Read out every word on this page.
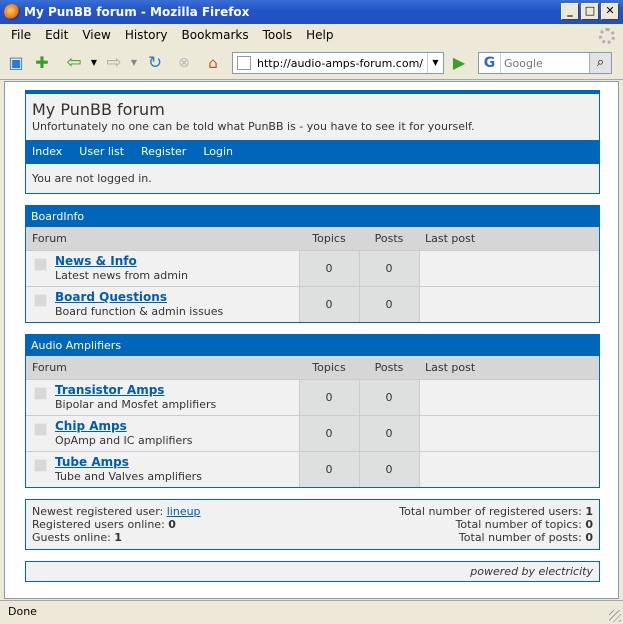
My PunBB forum - Mozilla Firefox	_	□ ✕
File	Edit	View	History	Bookmarks	Tools	Help
▣ ✚ ⇦	▼ ⇨	▼ ↻ ⊗	⌂
http://audio-amps-forum.com/	▼ ▶	G
Google	⌕
My PunBB forum
Unfortunately no one can be told what PunBB is - you have to see it for yourself.
Index User list Register Login
You are not logged in.
BoardInfo
Forum	Topics	Posts	Last post

News & Info
Latest news from admin	0	0	

Board Questions
Board function & admin issues	0	0	
Audio Amplifiers
Forum	Topics	Posts	Last post

Transistor Amps
Bipolar and Mosfet amplifiers	0	0	

Chip Amps
OpAmp and IC amplifiers	0	0	

Tube Amps
Tube and Valves amplifiers	0	0	
Newest registered user: lineup
Registered users online: 0
Guests online: 1
Total number of registered users: 1
Total number of topics: 0
Total number of posts: 0
powered by electricity
Done
